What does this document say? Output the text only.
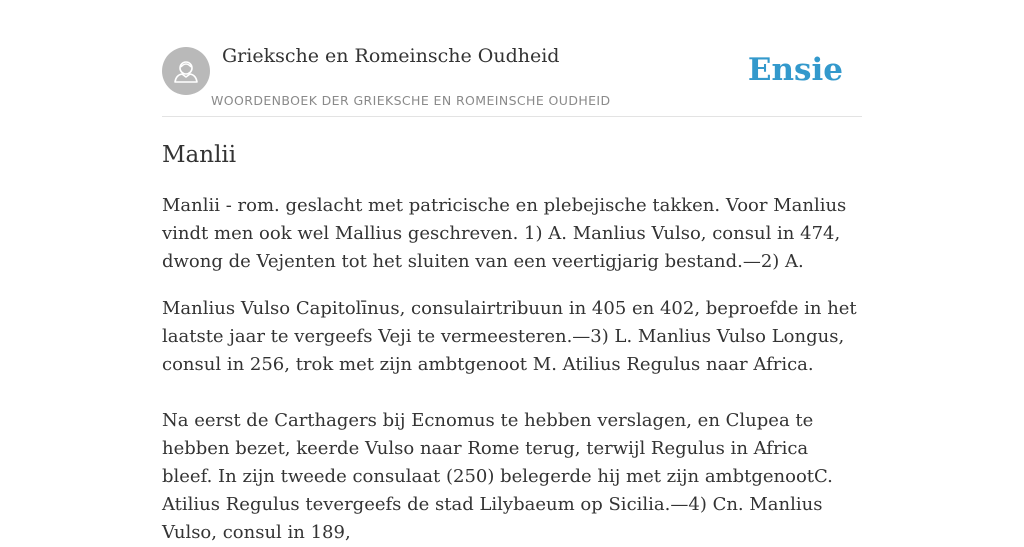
Grieksche en Romeinsche Oudheid
WOORDENBOEK DER GRIEKSCHE EN ROMEINSCHE OUDHEID
Ensie
Manlii

Manlii - rom. geslacht met patricische en plebejische takken. Voor Manlius vindt men ook wel Mallius geschreven. 1) A. Manlius Vulso, consul in 474, dwong de Vejenten tot het sluiten van een veertigjarig bestand.—2) A.

Manlius Vulso Capitolīnus, consulairtribuun in 405 en 402, beproefde in het laatste jaar te vergeefs Veji te vermeesteren.—3) L. Manlius Vulso Longus, consul in 256, trok met zijn ambtgenoot M. Atilius Regulus naar Africa.

Na eerst de Carthagers bij Ecnomus te hebben verslagen, en Clupea te hebben bezet, keerde Vulso naar Rome terug, terwijl Regulus in Africa bleef. In zijn tweede consulaat (250) belegerde hij met zijn ambtgenootC. Atilius Regulus tevergeefs de stad Lilybaeum op Sicilia.—4) Cn. Manlius Vulso, consul in 189,
